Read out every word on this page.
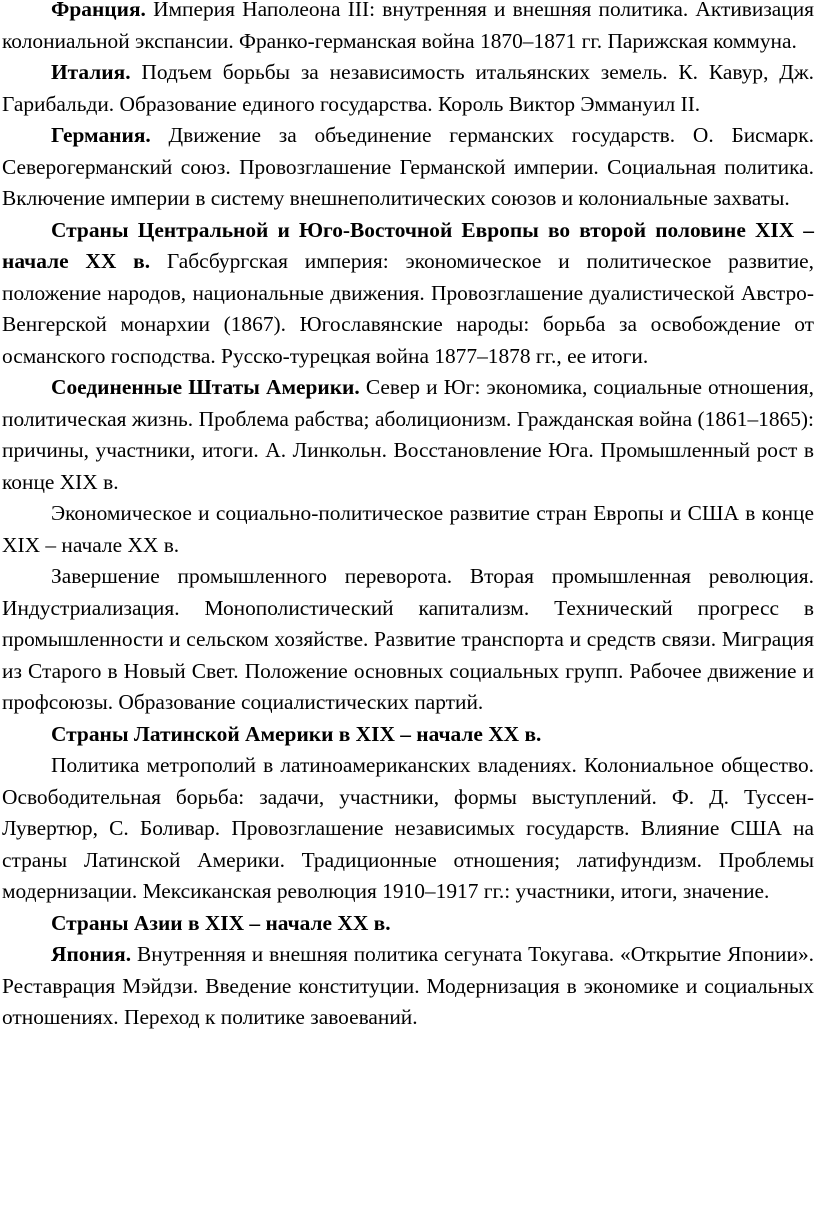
Франция. Империя Наполеона III: внутренняя и внешняя политика. Активизация колониальной экспансии. Франко-германская война 1870–1871 гг. Парижская коммуна.

Италия. Подъем борьбы за независимость итальянских земель. К. Кавур, Дж. Гарибальди. Образование единого государства. Король Виктор Эммануил II.

Германия. Движение за объединение германских государств. О. Бисмарк. Северогерманский союз. Провозглашение Германской империи. Социальная политика. Включение империи в систему внешнеполитических союзов и колониальные захваты.

Страны Центральной и Юго-Восточной Европы во второй половине XIX – начале XX в. Габсбургская империя: экономическое и политическое развитие, положение народов, национальные движения. Провозглашение дуалистической Австро-Венгерской монархии (1867). Югославянские народы: борьба за освобождение от османского господства. Русско-турецкая война 1877–1878 гг., ее итоги.

Соединенные Штаты Америки. Север и Юг: экономика, социальные отношения, политическая жизнь. Проблема рабства; аболиционизм. Гражданская война (1861–1865): причины, участники, итоги. А. Линкольн. Восстановление Юга. Промышленный рост в конце XIX в.

Экономическое и социально-политическое развитие стран Европы и США в конце XIX – начале XX в.

Завершение промышленного переворота. Вторая промышленная революция. Индустриализация. Монополистический капитализм. Технический прогресс в промышленности и сельском хозяйстве. Развитие транспорта и средств связи. Миграция из Старого в Новый Свет. Положение основных социальных групп. Рабочее движение и профсоюзы. Образование социалистических партий.

Страны Латинской Америки в XIX – начале XX в.

Политика метрополий в латиноамериканских владениях. Колониальное общество. Освободительная борьба: задачи, участники, формы выступлений. Ф. Д. Туссен-Лувертюр, С. Боливар. Провозглашение независимых государств. Влияние США на страны Латинской Америки. Традиционные отношения; латифундизм. Проблемы модернизации. Мексиканская революция 1910–1917 гг.: участники, итоги, значение.

Страны Азии в XIX – начале XX в.

Япония. Внутренняя и внешняя политика сегуната Токугава. «Открытие Японии». Реставрация Мэйдзи. Введение конституции. Модернизация в экономике и социальных отношениях. Переход к политике завоеваний.
